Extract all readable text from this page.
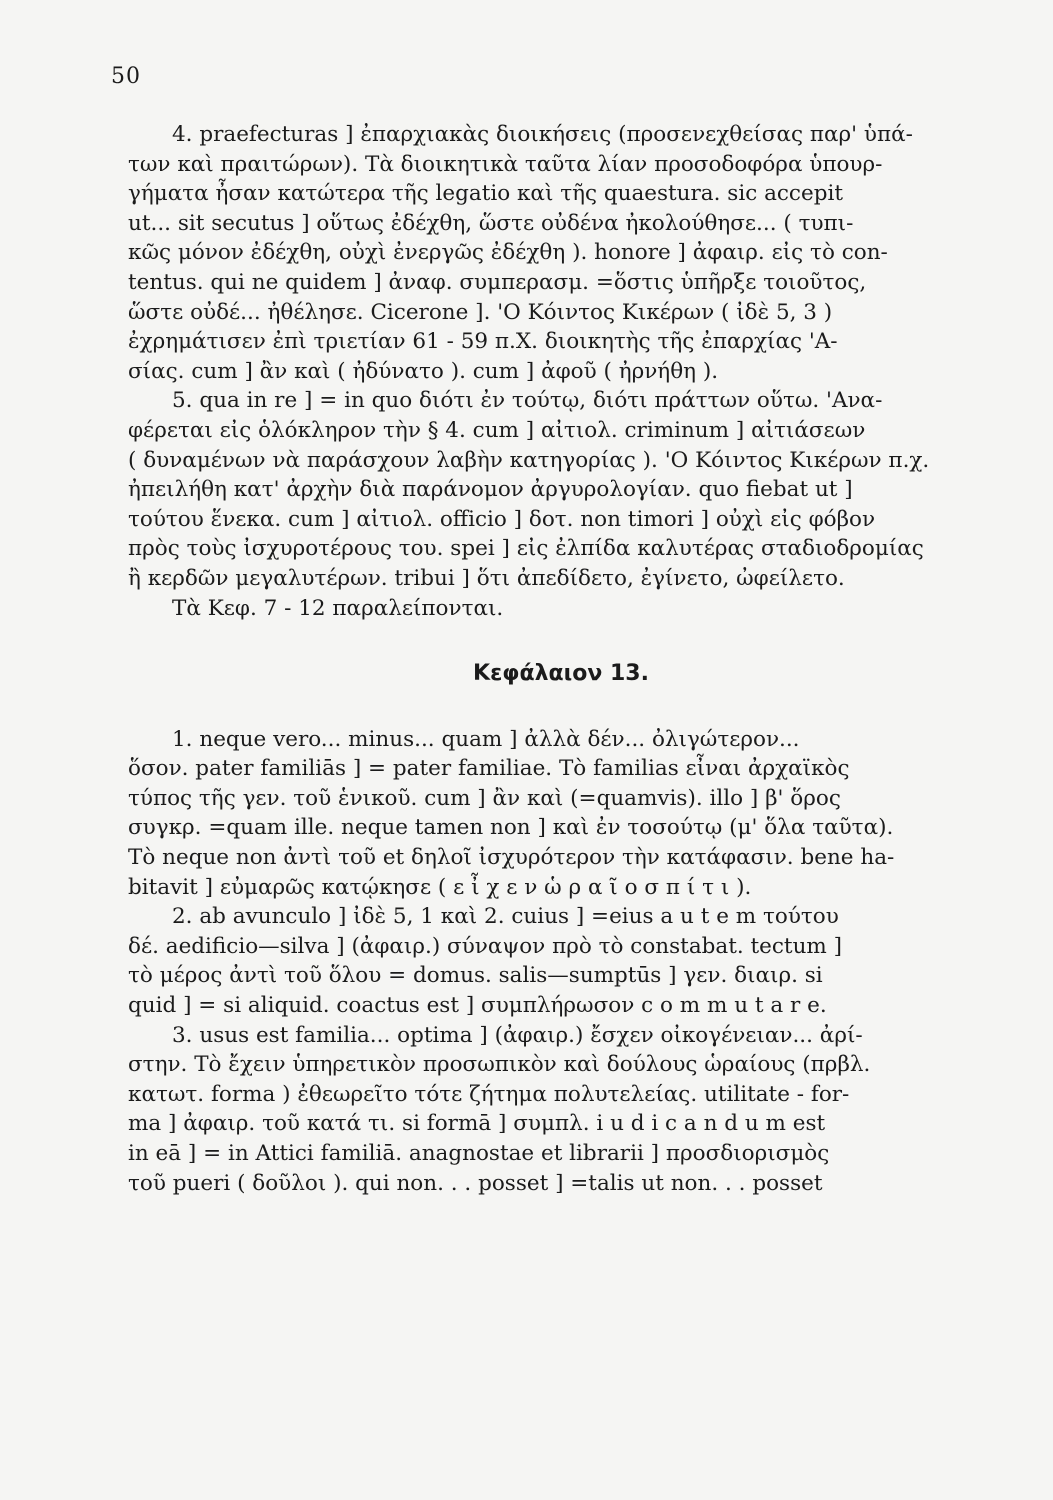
50
4. praefecturas ] ἐπαρχιακὰς διοικήσεις (προσενεχθείσας παρ' ὑπά-
των καὶ πραιτώρων). Τὰ διοικητικὰ ταῦτα λίαν προσοδοφόρα ὑπουρ-
γήματα ἦσαν κατώτερα τῆς legatio καὶ τῆς quaestura. sic accepit
ut... sit secutus ] οὕτως ἐδέχθη, ὥστε οὐδένα ἠκολούθησε... ( τυπι-
κῶς μόνον ἐδέχθη, οὐχὶ ἐνεργῶς ἐδέχθη ). honore ] ἀφαιρ. εἰς τὸ con-
tentus. qui ne quidem ] ἀναφ. συμπερασμ. =ὅστις ὑπῆρξε τοιοῦτος,
ὥστε οὐδέ... ἠθέλησε. Cicerone ]. 'Ο Κόιντος Κικέρων ( ἰδὲ 5, 3 )
ἐχρημάτισεν ἐπὶ τριετίαν 61 - 59 π.Χ. διοικητὴς τῆς ἐπαρχίας 'Α-
σίας. cum ] ἂν καὶ ( ἠδύνατο ). cum ] ἀφοῦ ( ἠρνήθη ).
5. qua in re ] = in quo διότι ἐν τούτῳ, διότι πράττων οὕτω. 'Ανα-
φέρεται εἰς ὁλόκληρον τὴν § 4. cum ] αἰτιολ. criminum ] αἰτιάσεων
( δυναμένων νὰ παράσχουν λαβὴν κατηγορίας ). 'Ο Κόιντος Κικέρων π.χ.
ἠπειλήθη κατ' ἀρχὴν διὰ παράνομον ἀργυρολογίαν. quo fiebat ut ]
τούτου ἕνεκα. cum ] αἰτιολ. officio ] δοτ. non timori ] οὐχὶ εἰς φόβον
πρὸς τοὺς ἰσχυροτέρους του. spei ] εἰς ἐλπίδα καλυτέρας σταδιοδρομίας
ἢ κερδῶν μεγαλυτέρων. tribui ] ὅτι ἀπεδίδετο, ἐγίνετο, ὠφείλετο.
Τὰ Κεφ. 7 - 12 παραλείπονται.
Κεφάλαιον 13.
1. neque vero... minus... quam ] ἀλλὰ δέν... ὀλιγώτερον...
ὅσον. pater familiās ] = pater familiae. Τὸ familias εἶναι ἀρχαϊκὸς
τύπος τῆς γεν. τοῦ ἑνικοῦ. cum ] ἂν καὶ (=quamvis). illo ] β' ὅρος
συγκρ. =quam ille. neque tamen non ] καὶ ἐν τοσούτῳ (μ' ὅλα ταῦτα).
Τὸ neque non ἀντὶ τοῦ et δηλοῖ ἰσχυρότερον τὴν κατάφασιν. bene ha-
bitavit ] εὐμαρῶς κατῴκησε ( ε ἶ χ ε ν ὡ ρ α ῖ ο σ π ί τ ι ).
2. ab avunculo ] ἰδὲ 5, 1 καὶ 2. cuius ] =eius a u t e m τούτου
δέ. aedificio—silva ] (ἀφαιρ.) σύναψον πρὸ τὸ constabat. tectum ]
τὸ μέρος ἀντὶ τοῦ ὅλου = domus. salis—sumptūs ] γεν. διαιρ. si
quid ] = si aliquid. coactus est ] συμπλήρωσον c o m m u t a r e.
3. usus est familia... optima ] (ἀφαιρ.) ἔσχεν οἰκογένειαν... ἀρί-
στην. Τὸ ἔχειν ὑπηρετικὸν προσωπικὸν καὶ δούλους ὡραίους (πρβλ.
κατωτ. forma ) ἐθεωρεῖτο τότε ζήτημα πολυτελείας. utilitate - for-
ma ] ἀφαιρ. τοῦ κατά τι. si formā ] συμπλ. i u d i c a n d u m est
in eā ] = in Attici familiā. anagnostae et librarii ] προσδιορισμὸς
τοῦ pueri ( δοῦλοι ). qui non. . . posset ] =talis ut non. . . posset
